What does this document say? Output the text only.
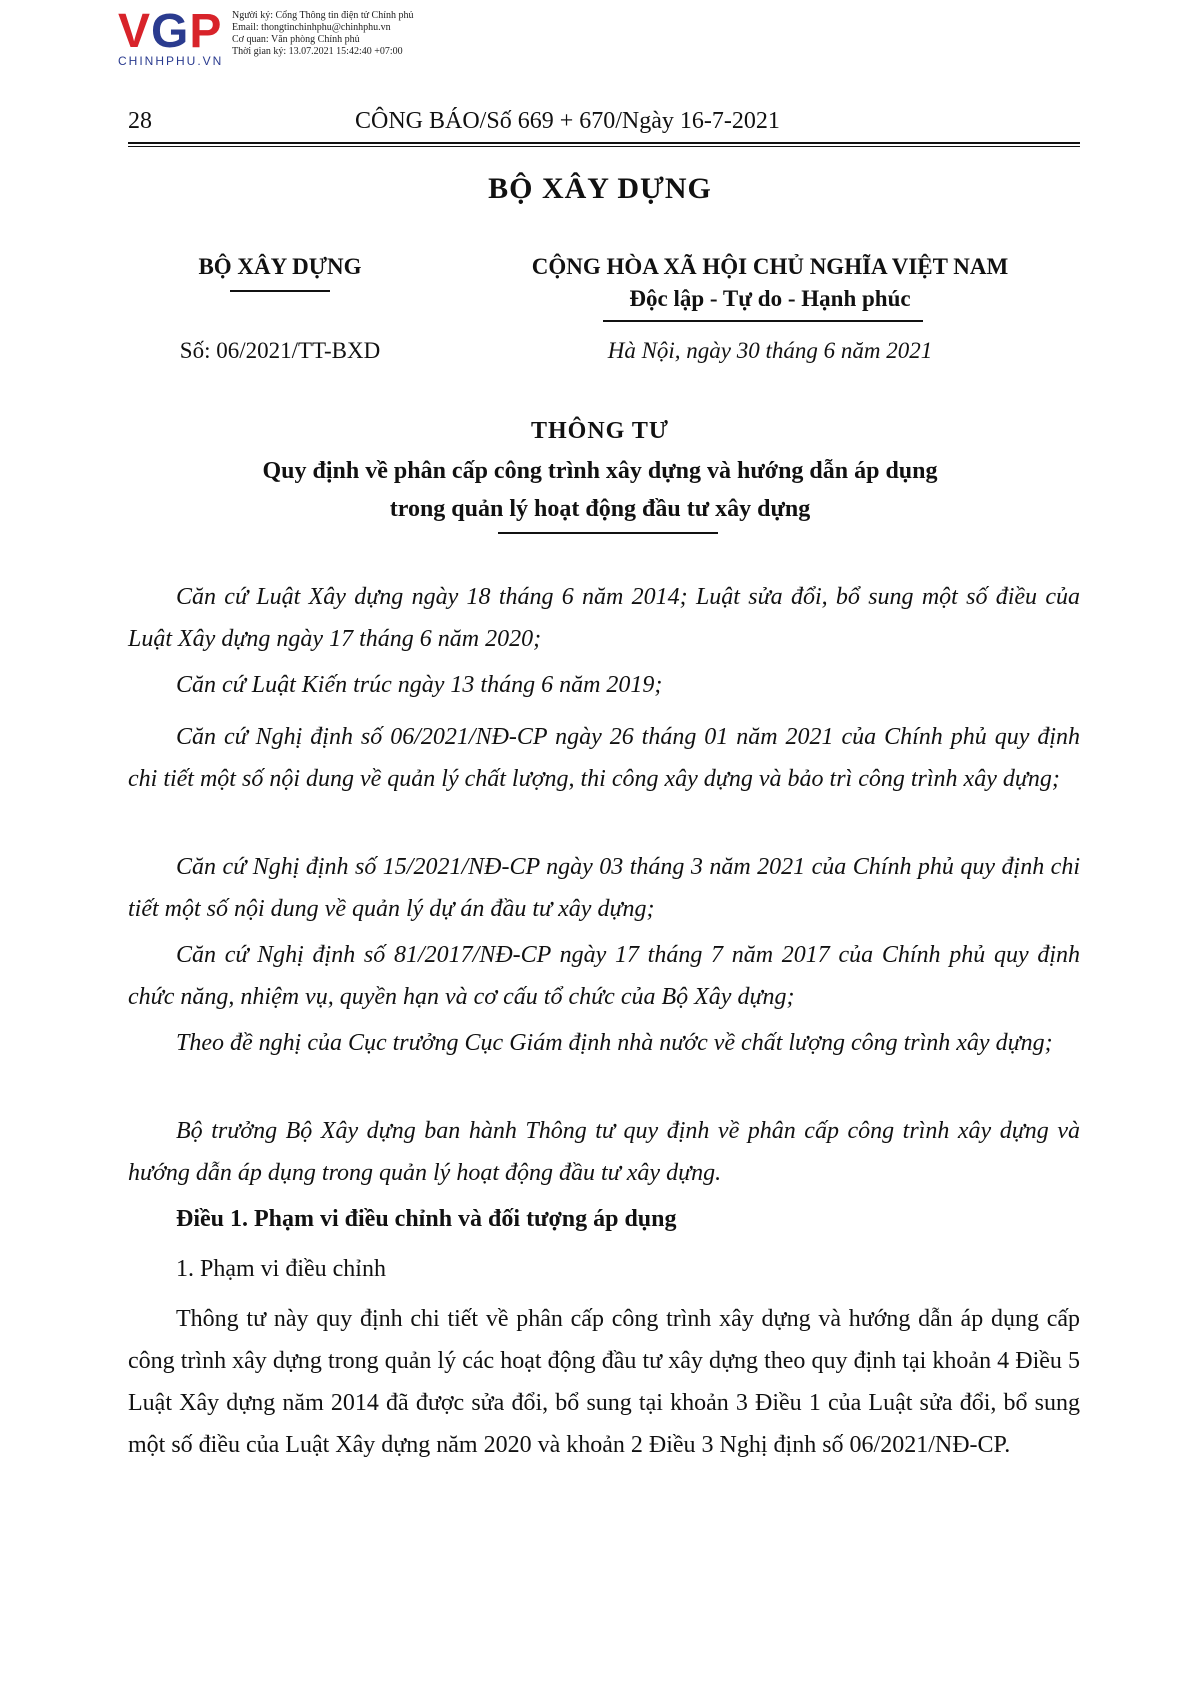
VGP
CHINHPHU.VN
Người ký: Cổng Thông tin điện tử Chính phủ
Email: thongtinchinhphu@chinhphu.vn
Cơ quan: Văn phòng Chính phủ
Thời gian ký: 13.07.2021 15:42:40 +07:00
28	CÔNG BÁO/Số 669 + 670/Ngày 16-7-2021
BỘ XÂY DỰNG
BỘ XÂY DỰNG	CỘNG HÒA XÃ HỘI CHỦ NGHĨA VIỆT NAM
Độc lập - Tự do - Hạnh phúc
Số: 06/2021/TT-BXD	Hà Nội, ngày 30 tháng 6 năm 2021
THÔNG TƯ
Quy định về phân cấp công trình xây dựng và hướng dẫn áp dụng
trong quản lý hoạt động đầu tư xây dựng
Căn cứ Luật Xây dựng ngày 18 tháng 6 năm 2014; Luật sửa đổi, bổ sung một số điều của Luật Xây dựng ngày 17 tháng 6 năm 2020;
Căn cứ Luật Kiến trúc ngày 13 tháng 6 năm 2019;
Căn cứ Nghị định số 06/2021/NĐ-CP ngày 26 tháng 01 năm 2021 của Chính phủ quy định chi tiết một số nội dung về quản lý chất lượng, thi công xây dựng và bảo trì công trình xây dựng;
Căn cứ Nghị định số 15/2021/NĐ-CP ngày 03 tháng 3 năm 2021 của Chính phủ quy định chi tiết một số nội dung về quản lý dự án đầu tư xây dựng;
Căn cứ Nghị định số 81/2017/NĐ-CP ngày 17 tháng 7 năm 2017 của Chính phủ quy định chức năng, nhiệm vụ, quyền hạn và cơ cấu tổ chức của Bộ Xây dựng;
Theo đề nghị của Cục trưởng Cục Giám định nhà nước về chất lượng công trình xây dựng;
Bộ trưởng Bộ Xây dựng ban hành Thông tư quy định về phân cấp công trình xây dựng và hướng dẫn áp dụng trong quản lý hoạt động đầu tư xây dựng.
Điều 1. Phạm vi điều chỉnh và đối tượng áp dụng
1. Phạm vi điều chỉnh
Thông tư này quy định chi tiết về phân cấp công trình xây dựng và hướng dẫn áp dụng cấp công trình xây dựng trong quản lý các hoạt động đầu tư xây dựng theo quy định tại khoản 4 Điều 5 Luật Xây dựng năm 2014 đã được sửa đổi, bổ sung tại khoản 3 Điều 1 của Luật sửa đổi, bổ sung một số điều của Luật Xây dựng năm 2020 và khoản 2 Điều 3 Nghị định số 06/2021/NĐ-CP.
